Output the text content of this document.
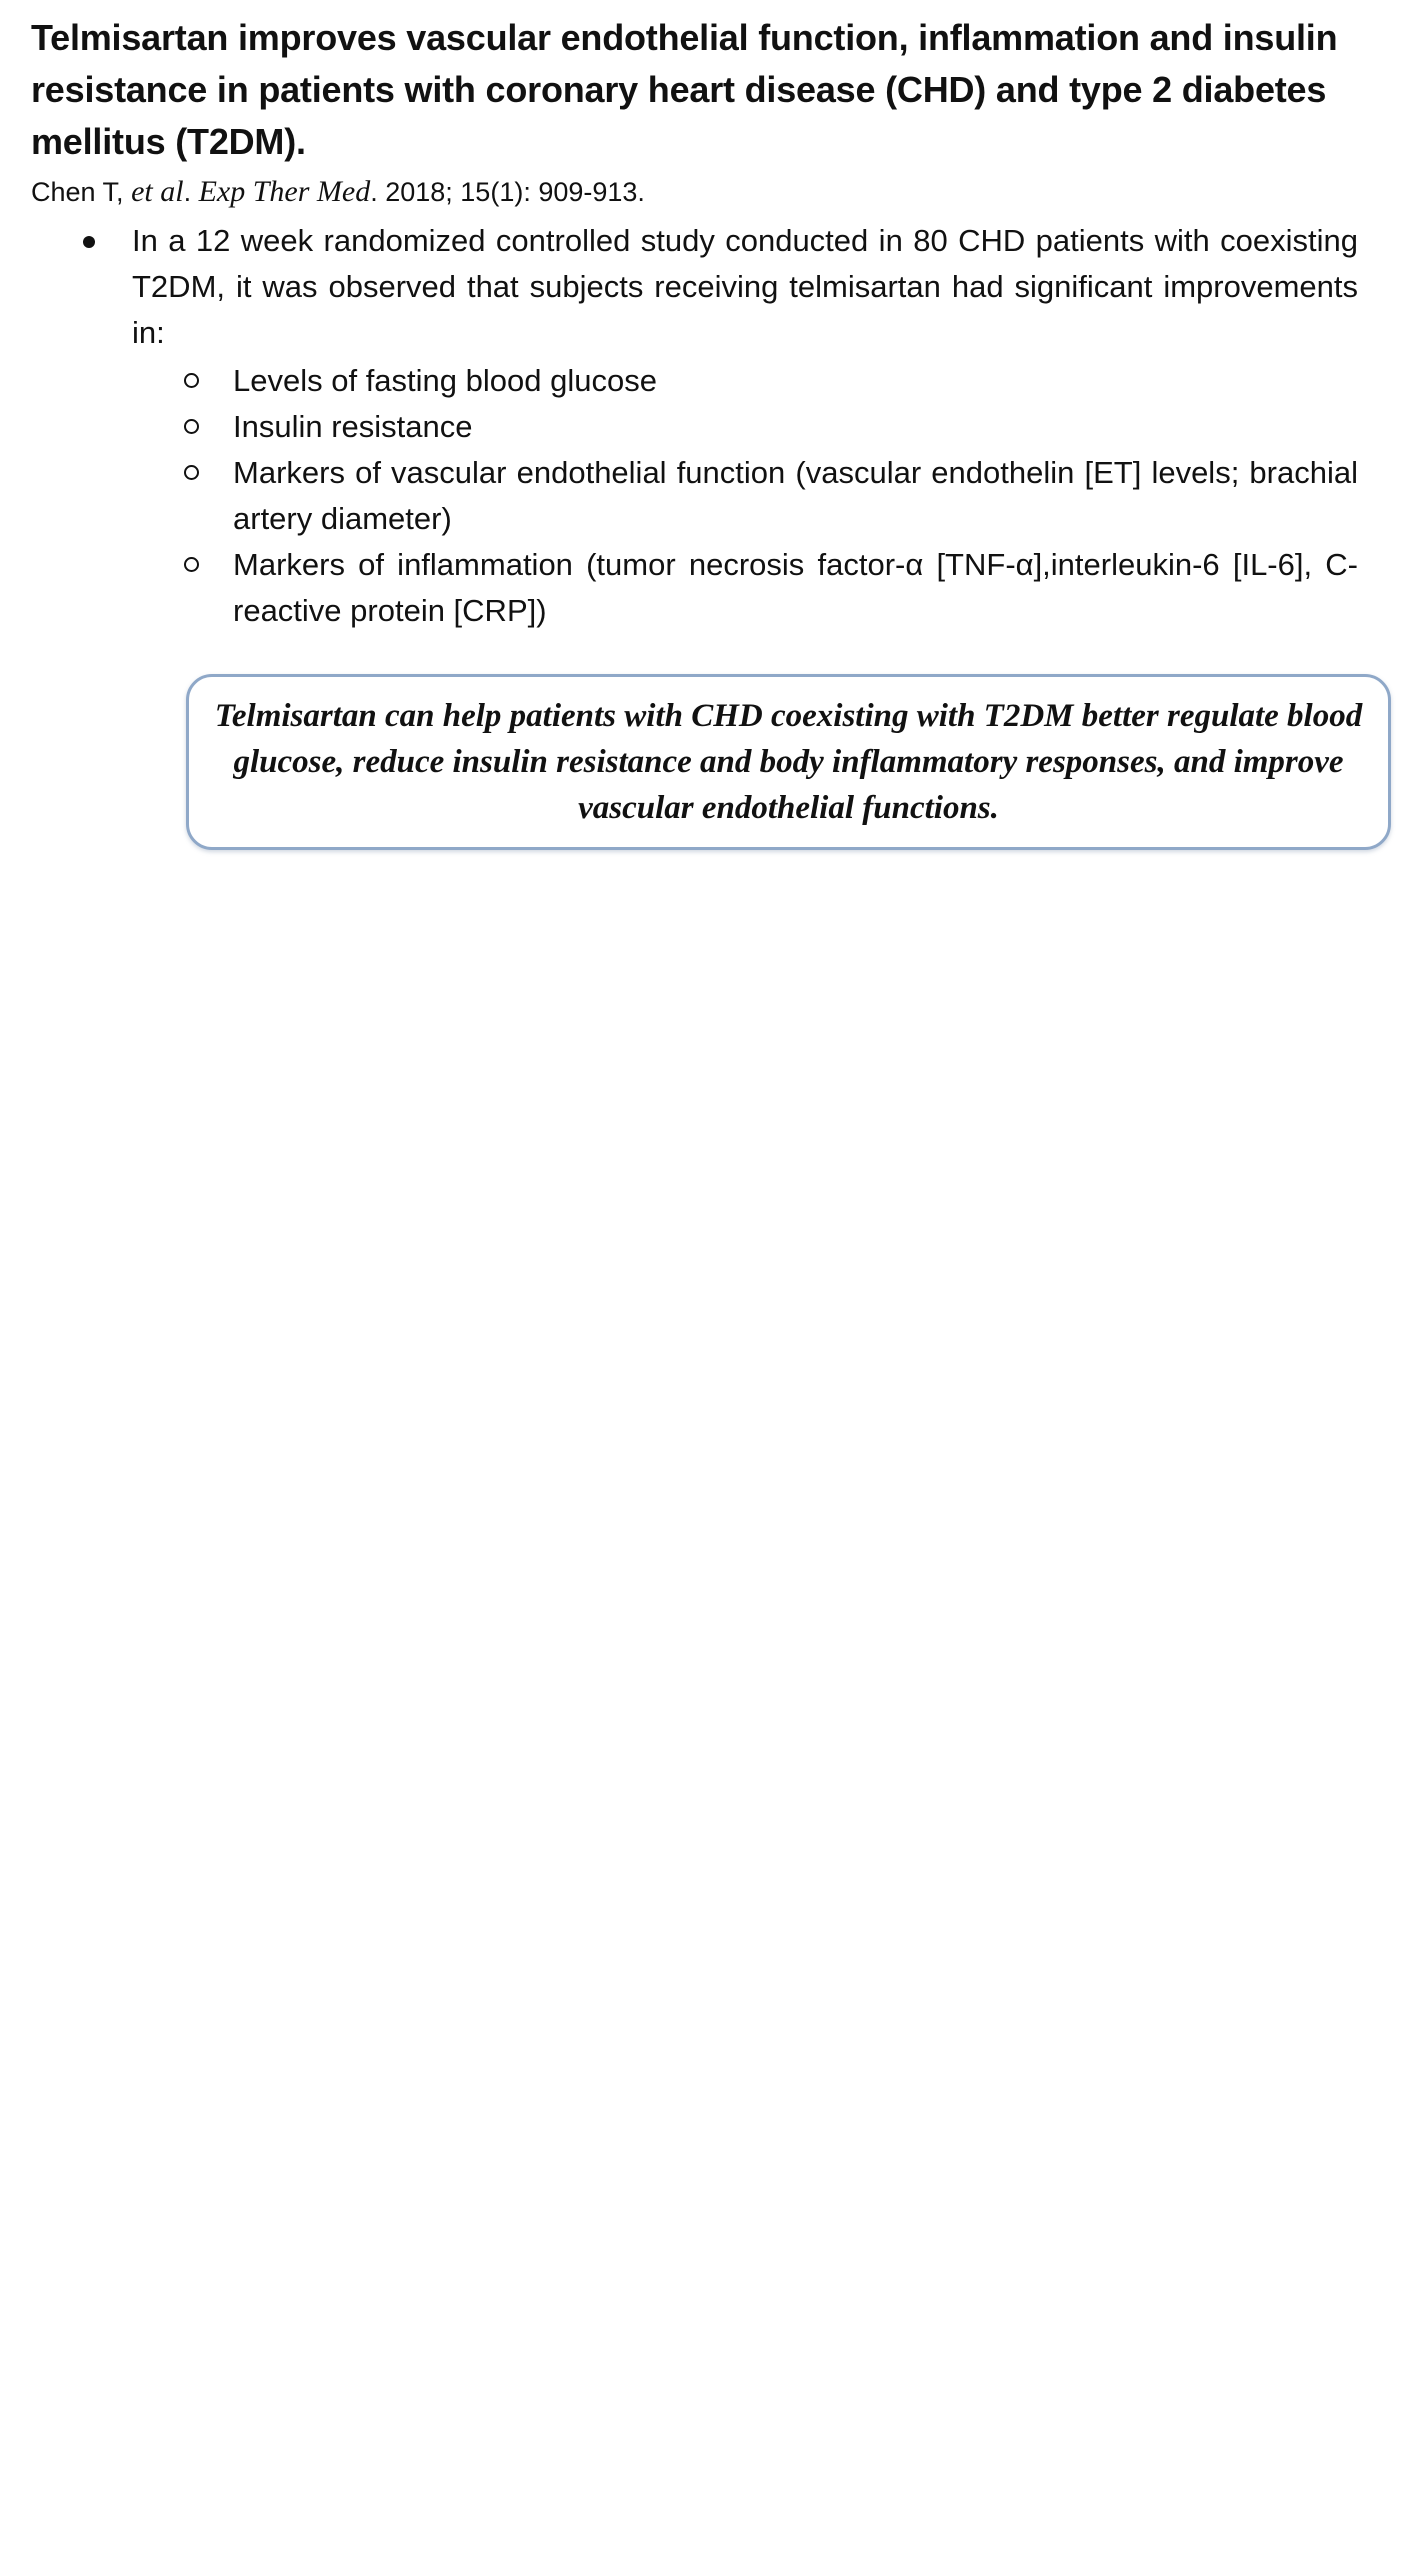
Telmisartan improves vascular endothelial function, inflammation and insulin resistance in patients with coronary heart disease (CHD) and type 2 diabetes mellitus (T2DM).

Chen T, et al. Exp Ther Med. 2018; 15(1): 909-913.

In a 12 week randomized controlled study conducted in 80 CHD patients with coexisting T2DM, it was observed that subjects receiving telmisartan had significant improvements in:

Levels of fasting blood glucose

Insulin resistance

Markers of vascular endothelial function (vascular endothelin [ET] levels; brachial artery diameter)

Markers of inflammation (tumor necrosis factor-α [TNF-α],interleukin-6 [IL-6], C-reactive protein [CRP])

Telmisartan can help patients with CHD coexisting with T2DM better regulate blood glucose, reduce insulin resistance and body inflammatory responses, and improve vascular endothelial functions.
